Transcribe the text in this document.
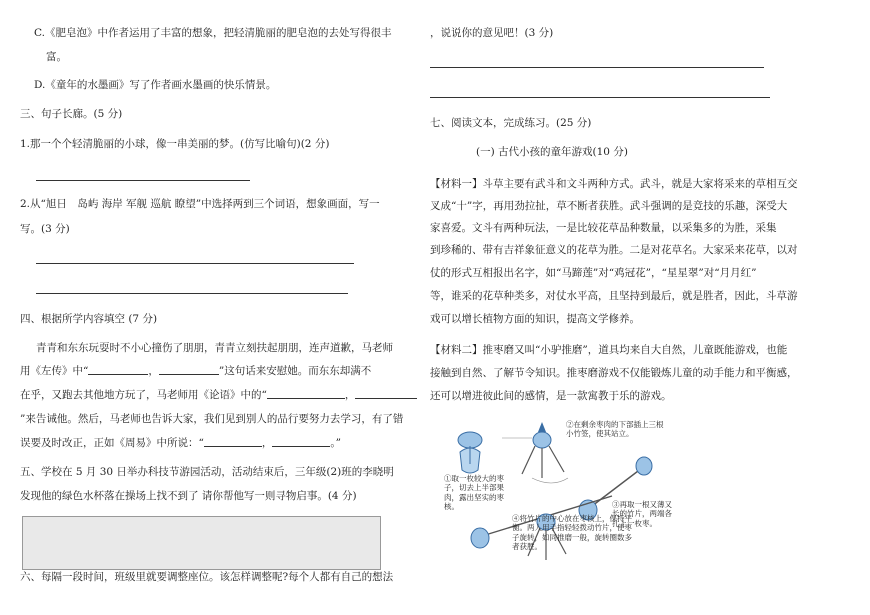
C.《肥皂泡》中作者运用了丰富的想象，把轻清脆丽的肥皂泡的去处写得很丰
富。
D.《童年的水墨画》写了作者画水墨画的快乐情景。
三、句子长廊。(5 分)
1.那一个个轻清脆丽的小球，像一串美丽的梦。(仿写比喻句)(2 分)
2.从“旭日　岛屿 海岸 军舰 巡航 瞭望”中选择两到三个词语，想象画面，写一
写。(3 分)
四、根据所学内容填空 (7 分)
青青和东东玩耍时不小心撞伤了朋朋，青青立刻扶起朋朋，连声道歉，马老师
用《左传》中“	，	”这句话来安慰她。而东东却满不
在乎，又跑去其他地方玩了，马老师用《论语》中的“	，
”来告诫他。然后，马老师也告诉大家，我们见到别人的品行要努力去学习，有了错
误要及时改正，正如《周易》中所说：“	，	。”
五、学校在 5 月 30 日举办科技节游园活动，活动结束后，三年级(2)班的李晓明
发现他的绿色水杯落在操场上找不到了 请你帮他写一则寻物启事。(4 分)
六、每隔一段时间，班级里就要调整座位。该怎样调整呢?每个人都有自己的想法
，说说你的意见吧！(3 分)
七、阅读文本，完成练习。(25 分)
(一) 古代小孩的童年游戏(10 分)
【材料一】斗草主要有武斗和文斗两种方式。武斗，就是大家将采来的草相互交
叉成“十”字，再用劲拉扯，草不断者获胜。武斗强调的是竞技的乐趣，深受大
家喜爱。文斗有两种玩法，一是比较花草品种数量，以采集多的为胜，采集
到珍稀的、带有吉祥象征意义的花草为胜。二是对花草名。大家采来花草，以对
仗的形式互相报出名字，如“马蹄莲”对“鸡冠花”，“星星翠”对“月月红”
等，谁采的花草种类多，对仗水平高，且坚持到最后，就是胜者，因此，斗草游
戏可以增长植物方面的知识，提高文学修养。
【材料二】推枣磨又叫“小驴推磨”，道具均来自大自然，儿童既能游戏，也能
接触到自然、了解节令知识。推枣磨游戏不仅能锻炼儿童的动手能力和平衡感，
还可以增进彼此间的感情，是一款寓教于乐的游戏。
①取一枚较大的枣子，切去上半部果肉，露出坚实的枣核。
②在剩余枣肉的下部插上三根小竹签，使其站立。
③再取一根又薄又长的竹片，两端各扎上一枚枣。
④将竹片的中心放在枣核上，保持平衡。两人用手指轻轻拨动竹片，使枣子旋转，如同推磨一般，旋转圈数多者获胜。
